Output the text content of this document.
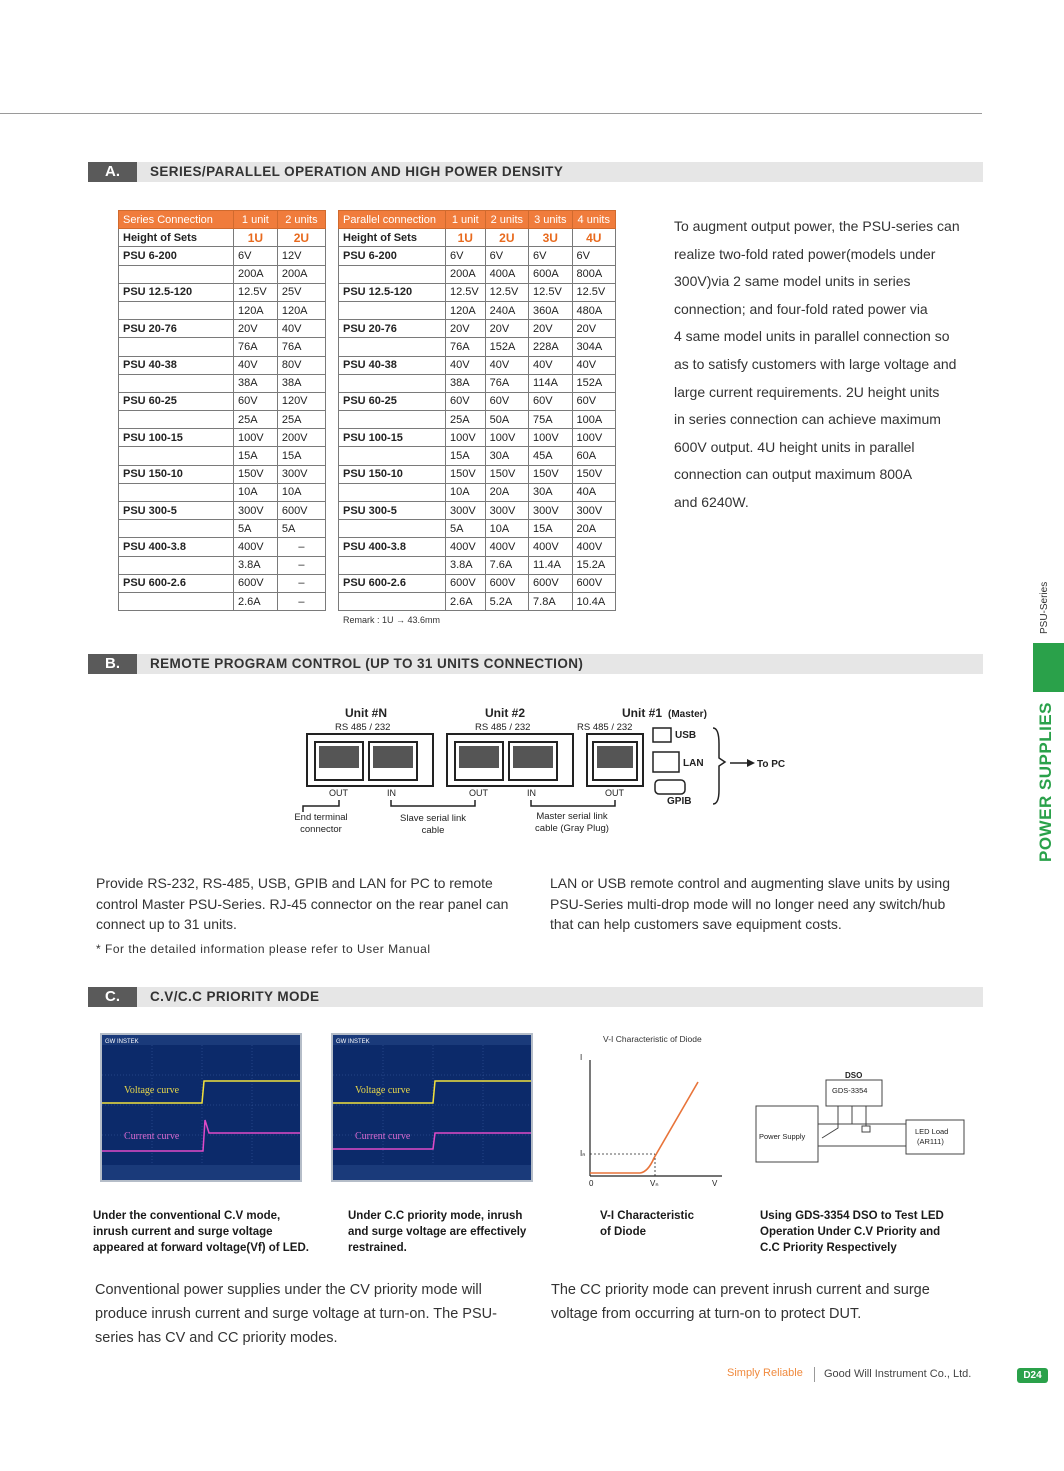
A.	SERIES/PARALLEL OPERATION AND HIGH POWER DENSITY
Series Connection	1 unit	2 units
Height of Sets	1U	2U
PSU 6-200	6V	12V
	200A	200A
PSU 12.5-120	12.5V	25V
	120A	120A
PSU 20-76	20V	40V
	76A	76A
PSU 40-38	40V	80V
	38A	38A
PSU 60-25	60V	120V
	25A	25A
PSU 100-15	100V	200V
	15A	15A
PSU 150-10	150V	300V
	10A	10A
PSU 300-5	300V	600V
	5A	5A
PSU 400-3.8	400V	–
	3.8A	–
PSU 600-2.6	600V	–
	2.6A	–
Parallel connection	1 unit	2 units	3 units	4 units
Height of Sets	1U	2U	3U	4U
PSU 6-200	6V	6V	6V	6V
	200A	400A	600A	800A
PSU 12.5-120	12.5V	12.5V	12.5V	12.5V
	120A	240A	360A	480A
PSU 20-76	20V	20V	20V	20V
	76A	152A	228A	304A
PSU 40-38	40V	40V	40V	40V
	38A	76A	114A	152A
PSU 60-25	60V	60V	60V	60V
	25A	50A	75A	100A
PSU 100-15	100V	100V	100V	100V
	15A	30A	45A	60A
PSU 150-10	150V	150V	150V	150V
	10A	20A	30A	40A
PSU 300-5	300V	300V	300V	300V
	5A	10A	15A	20A
PSU 400-3.8	400V	400V	400V	400V
	3.8A	7.6A	11.4A	15.2A
PSU 600-2.6	600V	600V	600V	600V
	2.6A	5.2A	7.8A	10.4A
Remark : 1U → 43.6mm
To augment output power, the PSU-series can
realize two-fold rated power(models under
300V)via 2 same model units in series
connection; and four-fold rated power via
4 same model units in parallel connection so
as to satisfy customers with large voltage and
large current requirements. 2U height units
in series connection can achieve maximum
600V output. 4U height units in parallel
connection can output maximum 800A
and 6240W.
B.	REMOTE PROGRAM CONTROL (UP TO 31 UNITS CONNECTION)
Unit #N	Unit #2	Unit #1 (Master)
RS 485 / 232	RS 485 / 232	RS 485 / 232
USB
LAN
GPIB
To PC
OUT	IN	OUT	IN	OUT
End terminal
connector
Slave serial link
cable
Master serial link
cable (Gray Plug)
Provide RS-232, RS-485, USB, GPIB and LAN for PC to remote
control Master PSU-Series. RJ-45 connector on the rear panel can
connect up to 31 units.
LAN or USB remote control and augmenting slave units by using
PSU-Series multi-drop mode will no longer need any switch/hub
that can help customers save equipment costs.
* For the detailed information please refer to User Manual
C.	C.V/C.C PRIORITY MODE
GW INSTEK
Voltage curve
Current curve
GW INSTEK
Voltage curve
Current curve
V-I Characteristic of Diode
I
V
0
Iₙ
Vₙ
DSO
GDS-3354
Power Supply
LED Load
(AR111)
Under the conventional C.V mode,
inrush current and surge voltage
appeared at forward voltage(Vf) of LED.
Under C.C priority mode, inrush
and surge voltage are effectively
restrained.
V-I Characteristic
of Diode
Using GDS-3354 DSO to Test LED
Operation Under C.V Priority and
C.C Priority Respectively
Conventional power supplies under the CV priority mode will
produce inrush current and surge voltage at turn-on. The PSU-
series has CV and CC priority modes.
The CC priority mode can prevent inrush current and surge
voltage from occurring at turn-on to protect DUT.
PSU-Series
POWER SUPPLIES
Simply Reliable Good Will Instrument Co., Ltd.	D24
